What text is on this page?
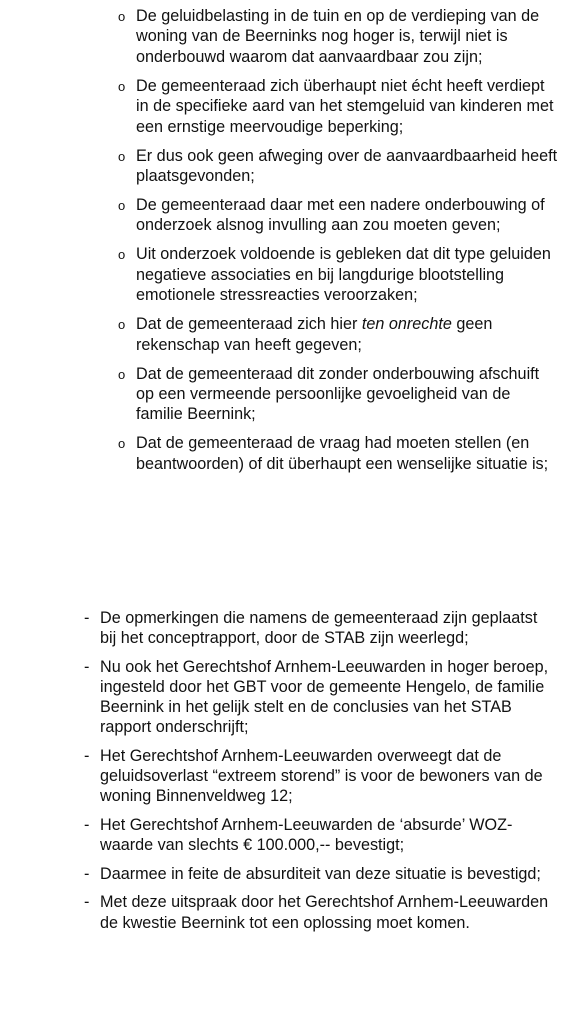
o De geluidbelasting in de tuin en op de verdieping van de woning van de Beerninks nog hoger is, terwijl niet is onderbouwd waarom dat aanvaardbaar zou zijn;
o De gemeenteraad zich überhaupt niet écht heeft verdiept in de specifieke aard van het stemgeluid van kinderen met een ernstige meervoudige beperking;
o Er dus ook geen afweging over de aanvaardbaarheid heeft plaatsgevonden;
o De gemeenteraad daar met een nadere onderbouwing of onderzoek alsnog invulling aan zou moeten geven;
o Uit onderzoek voldoende is gebleken dat dit type geluiden negatieve associaties en bij langdurige blootstelling emotionele stressreacties veroorzaken;
o Dat de gemeenteraad zich hier ten onrechte geen rekenschap van heeft gegeven;
o Dat de gemeenteraad dit zonder onderbouwing afschuift op een vermeende persoonlijke gevoeligheid van de familie Beernink;
o Dat de gemeenteraad de vraag had moeten stellen (en beantwoorden) of dit überhaupt een wenselijke situatie is;
- De opmerkingen die namens de gemeenteraad zijn geplaatst bij het conceptrapport, door de STAB zijn weerlegd;
- Nu ook het Gerechtshof Arnhem-Leeuwarden in hoger beroep, ingesteld door het GBT voor de gemeente Hengelo, de familie Beernink in het gelijk stelt en de conclusies van het STAB rapport onderschrijft;
- Het Gerechtshof Arnhem-Leeuwarden overweegt dat de geluidsoverlast “extreem storend” is voor de bewoners van de woning Binnenveldweg 12;
- Het Gerechtshof Arnhem-Leeuwarden de ‘absurde’ WOZ-waarde van slechts € 100.000,-- bevestigt;
- Daarmee in feite de absurditeit van deze situatie is bevestigd;
- Met deze uitspraak door het Gerechtshof Arnhem-Leeuwarden de kwestie Beernink tot een oplossing moet komen.
